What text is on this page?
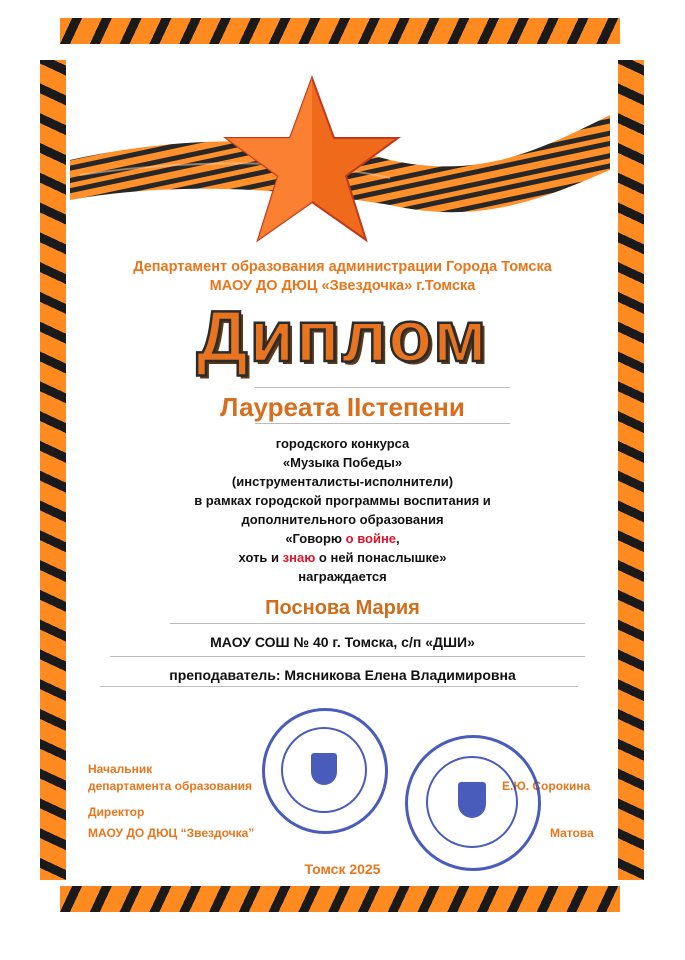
Департамент образования администрации Города Томска
МАОУ ДО ДЮЦ «Звездочка» г.Томска
Диплом
Лауреата IIстепени
городского конкурса
«Музыка Победы»
(инструменталисты-исполнители)
в рамках городской программы воспитания и
дополнительного образования
«Говорю о войне,
хоть и знаю о ней понаслышке»
награждается
Поснова Мария
МАОУ СОШ № 40 г. Томска, с/п «ДШИ»
преподаватель: Мясникова Елена Владимировна
Начальник
департамента образования	Е.Ю. Сорокина
Директор
МАОУ ДО ДЮЦ “Звездочка”	Матова
Томск 2025
